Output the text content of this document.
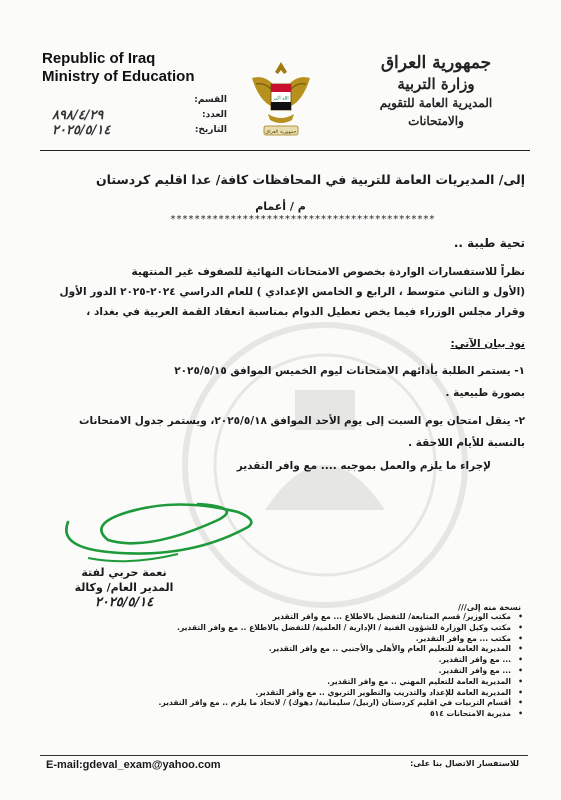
Republic of Iraq
Ministry of Education
الله أكبر
جمهورية العراق
جمهورية العراق
وزارة التربية
المديرية العامة للتقويم والامتحانات
القسم:
العدد:
٨٩٨/٤/٢٩
التاريخ:
٢٠٢٥/٥/١٤
إلى/ المديريات العامة للتربية في المحافظات كافة/ عدا اقليم كردستان
م / أعمام
********************************************
تحية طيبة ..
نظراً للاستفسارات الواردة بخصوص الامتحانات النهائية للصفوف غير المنتهية
(الأول و الثاني متوسط ، الرابع و الخامس الإعدادي ) للعام الدراسي ٢٠٢٤-٢٠٢٥ الدور الأول
وقرار مجلس الوزراء فيما يخص تعطيل الدوام بمناسبة انعقاد القمة العربية في بغداد ،
نود بيان الآتي:
١- يستمر الطلبة بأدائهم الامتحانات ليوم الخميس الموافق ٢٠٢٥/٥/١٥
بصورة طبيعية .
٢- ينقل امتحان يوم السبت إلى يوم الأحد الموافق ٢٠٢٥/٥/١٨، ويستمر جدول الامتحانات
بالنسبة للأيام اللاحقة .
لإجراء ما يلزم والعمل بموجبه .... مع وافر التقدير
نعمة حربي لفتة
المدير العام/ وكالة
٢٠٢٥/٥/١٤	نسخة منه إلى///
• مكتب الوزير/ قسم المتابعة/ للتفضل بالاطلاع ... مع وافر التقدير
• مكتب وكيل الوزارة للشؤون الفنية / الإدارية / العلمية/ للتفضل بالاطلاع .. مع وافر التقدير.
• مكتب ... مع وافر التقدير.
• المديرية العامة للتعليم العام والأهلي والأجنبي .. مع وافر التقدير.
• ... مع وافر التقدير.
• ... مع وافر التقدير.
• المديرية العامة للتعليم المهني .. مع وافر التقدير.
• المديرية العامة للإعداد والتدريب والتطوير التربوي .. مع وافر التقدير.
• أقسام التربيات في اقليم كردستان (اربيل/ سليمانية/ دهوك) / لاتخاذ ما يلزم .. مع وافر التقدير.
• مديرية الامتحانات ٥١٤
E-mail:gdeval_exam@yahoo.com	للاستفسار الاتصال بنا على:
